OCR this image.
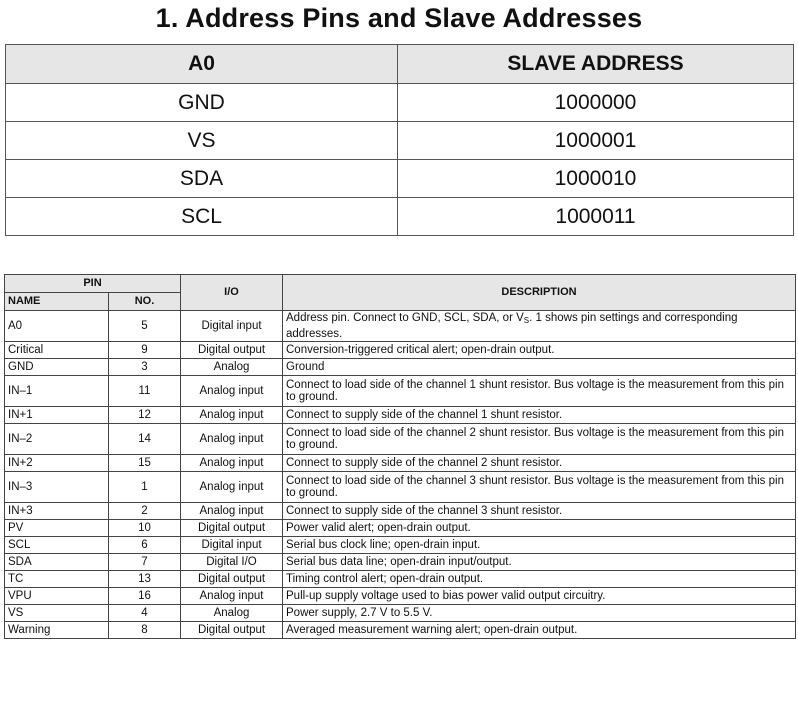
1. Address Pins and Slave Addresses
A0	SLAVE ADDRESS
GND	1000000
VS	1000001
SDA	1000010
SCL	1000011
PIN		I/O	DESCRIPTION
NAME	NO.		
A0	5	Digital input	Address pin. Connect to GND, SCL, SDA, or $V_S$. 1 shows pin settings and corresponding addresses.
Critical	9	Digital output	Conversion-triggered critical alert; open-drain output.
GND	3	Analog	Ground
IN–1	11	Analog input	Connect to load side of the channel 1 shunt resistor. Bus voltage is the measurement from this pin to ground.
IN+1	12	Analog input	Connect to supply side of the channel 1 shunt resistor.
IN–2	14	Analog input	Connect to load side of the channel 2 shunt resistor. Bus voltage is the measurement from this pin to ground.
IN+2	15	Analog input	Connect to supply side of the channel 2 shunt resistor.
IN–3	1	Analog input	Connect to load side of the channel 3 shunt resistor. Bus voltage is the measurement from this pin to ground.
IN+3	2	Analog input	Connect to supply side of the channel 3 shunt resistor.
PV	10	Digital output	Power valid alert; open-drain output.
SCL	6	Digital input	Serial bus clock line; open-drain input.
SDA	7	Digital I/O	Serial bus data line; open-drain input/output.
TC	13	Digital output	Timing control alert; open-drain output.
VPU	16	Analog input	Pull-up supply voltage used to bias power valid output circuitry.
VS	4	Analog	Power supply, 2.7 V to 5.5 V.
Warning	8	Digital output	Averaged measurement warning alert; open-drain output.
